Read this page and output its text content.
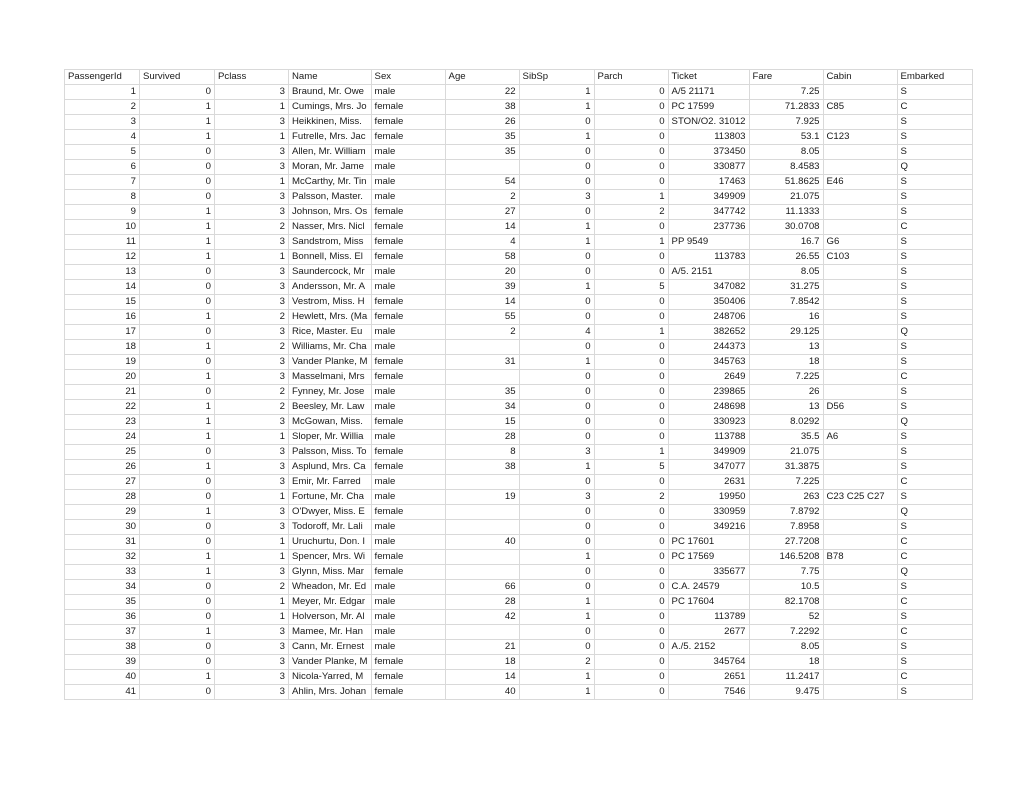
PassengerId	Survived	Pclass	Name	Sex	Age	SibSp	Parch	Ticket	Fare	Cabin	Embarked
1	0	3	Braund, Mr. Owe	male	22	1	0	A/5 21171	7.25		S
2	1	1	Cumings, Mrs. Jo	female	38	1	0	PC 17599	71.2833	C85	C
3	1	3	Heikkinen, Miss.	female	26	0	0	STON/O2. 31012	7.925		S
4	1	1	Futrelle, Mrs. Jac	female	35	1	0	113803	53.1	C123	S
5	0	3	Allen, Mr. William	male	35	0	0	373450	8.05		S
6	0	3	Moran, Mr. Jame	male		0	0	330877	8.4583		Q
7	0	1	McCarthy, Mr. Tin	male	54	0	0	17463	51.8625	E46	S
8	0	3	Palsson, Master.	male	2	3	1	349909	21.075		S
9	1	3	Johnson, Mrs. Os	female	27	0	2	347742	11.1333		S
10	1	2	Nasser, Mrs. Nicl	female	14	1	0	237736	30.0708		C
11	1	3	Sandstrom, Miss	female	4	1	1	PP 9549	16.7	G6	S
12	1	1	Bonnell, Miss. El	female	58	0	0	113783	26.55	C103	S
13	0	3	Saundercock, Mr	male	20	0	0	A/5. 2151	8.05		S
14	0	3	Andersson, Mr. A	male	39	1	5	347082	31.275		S
15	0	3	Vestrom, Miss. H	female	14	0	0	350406	7.8542		S
16	1	2	Hewlett, Mrs. (Ma	female	55	0	0	248706	16		S
17	0	3	Rice, Master. Eu	male	2	4	1	382652	29.125		Q
18	1	2	Williams, Mr. Cha	male		0	0	244373	13		S
19	0	3	Vander Planke, M	female	31	1	0	345763	18		S
20	1	3	Masselmani, Mrs	female		0	0	2649	7.225		C
21	0	2	Fynney, Mr. Jose	male	35	0	0	239865	26		S
22	1	2	Beesley, Mr. Law	male	34	0	0	248698	13	D56	S
23	1	3	McGowan, Miss.	female	15	0	0	330923	8.0292		Q
24	1	1	Sloper, Mr. Willia	male	28	0	0	113788	35.5	A6	S
25	0	3	Palsson, Miss. To	female	8	3	1	349909	21.075		S
26	1	3	Asplund, Mrs. Ca	female	38	1	5	347077	31.3875		S
27	0	3	Emir, Mr. Farred	male		0	0	2631	7.225		C
28	0	1	Fortune, Mr. Cha	male	19	3	2	19950	263	C23 C25 C27	S
29	1	3	O'Dwyer, Miss. E	female		0	0	330959	7.8792		Q
30	0	3	Todoroff, Mr. Lali	male		0	0	349216	7.8958		S
31	0	1	Uruchurtu, Don. I	male	40	0	0	PC 17601	27.7208		C
32	1	1	Spencer, Mrs. Wi	female		1	0	PC 17569	146.5208	B78	C
33	1	3	Glynn, Miss. Mar	female		0	0	335677	7.75		Q
34	0	2	Wheadon, Mr. Ed	male	66	0	0	C.A. 24579	10.5		S
35	0	1	Meyer, Mr. Edgar	male	28	1	0	PC 17604	82.1708		C
36	0	1	Holverson, Mr. Al	male	42	1	0	113789	52		S
37	1	3	Mamee, Mr. Han	male		0	0	2677	7.2292		C
38	0	3	Cann, Mr. Ernest	male	21	0	0	A./5. 2152	8.05		S
39	0	3	Vander Planke, M	female	18	2	0	345764	18		S
40	1	3	Nicola-Yarred, M	female	14	1	0	2651	11.2417		C
41	0	3	Ahlin, Mrs. Johan	female	40	1	0	7546	9.475		S
